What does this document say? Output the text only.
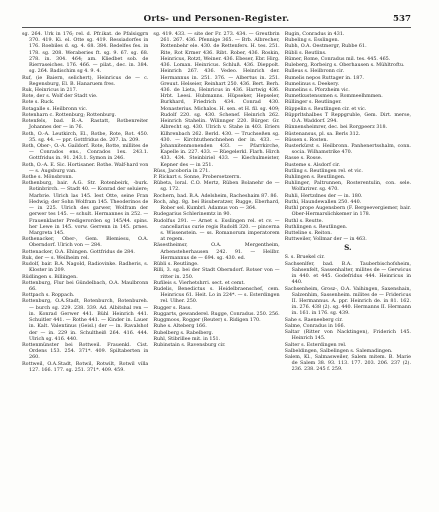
Orts- und Personen-Register.	537
sg. 264. Urk in 176; rel. d. Pfr.ikat. de Pfalsiqgrn 370. 419. Ki. el. Otte sg. 419. Ressiadorfes in 176. Roebiles d. sg. 4. 68. 384. Redelfes fes. in 178. sg. 208. Weraberies ft. sg. 9. 67. sg. 68. 278. in. 304. 464; am. Kliedbet sob. de Rierraseiches. 176. 466. — pilat., dec. in. 384. sg. 264. Badischim sg 4. 9. 4.
Ruf, (ie Baiern, selichert), Heinricus de — c. Regensburg, El. B. Hanaruem fres.
Ruk, Heinricus in 217.
Rote, der s. Wolf der Stadt vie.
Rote s. Ruck.
Rotagalle s. Heilbronn vic.
Rotenharn c. Rottenburg; Rottenburg.
Rotenfels, bad. B.-A. Rastatt, Rotbenreiter Johannes der — in 76.
Roth, O.-A. Leutkirch, El., Rotbe, Rote, Rot. 450. 35. sg. 44. — ppr. Gottfridus de. 207. la. 209.
Roth, Ober-, O.-A. Gaildorf. Rote, Rotte, millites de — Conrados ens., Conrados 1ex. 243.1. Gottfridus in. 91. 243.1. Symon in 246.
Roth, O.-A. E. Sic. Hortisaner. Rothe. Walf-hard von — s. Augsburg van.
Rothe s. Mönsbronn.
Rothenburg, bair. A.G. Str. Rotenbeirk, -burk. Rotinbrirch. — Stadt 40. — Konrad der seluiere; Marbrie. Ulrich las 145. Iest Otte, seine Fran Hedwig; der Sohn Wolfram 145. Theoderinos de — in 225. Ulrich des garwer, Wolfram der gerwer tes 145. — schult. Hermannes in 252. — Frauenklaster Predigerorden sg 145/44. spins. her Lewe in 145. vorw. Gerrenn in 145. prnes. Margreta 145.
Rothenacker, Ober-, Gem. Blemiesu, O.A. Oberndorf. Ulrich von — 284.
Rottenacker, O.A. Ehingen. Gottfridus de 284.
Ruk, der — s. Weilheim rel.
Rudolf, bair. B.A. Nagold, Radiovinke. Radheris, s. Kloster in 209.
Rüdlingen s. Billingen.
Rottenburg, Flur bei Gündelbach, O.A. Maulbronn 66.
Rottpach s. Roppach.
Rottenburg, O.A.Stadt, Rotenburch, Rotenbureh. — burch sg. 229. 238. 339. Ad. Albitshal ren — in. Konrad Gerwer 441. Bühl Heinrich 441. Schuitler 441. — Rothe 441. — Kinder in. Lauer in. Kalt. Valentinus (Geisl.) der — in. Ravalshof der — in. 229 in. Schultheiß 264. 416. 444. Ulrich sg. 416. 440.
Rottenmünster bei Rottweil. Frauenkl. Cist. Ordens 153. 254. 371*. 409. Spiltaberten in 260.
Rottweil, O.A.Stadt, Rotwil, Rotwilt, Rotwil villa 127. 166. 177. sg. 251. 371*. 409. 459.
sg. 419. 433. — site der Fr. 273. 434. — Greutbrin 261. 267. 436. Pfennige 365. — Brb. Albrecher, Rottenbehr ele. 430. de Rettenfers. H. tes. 251. Rite, Rot Krmer 436. Ribt. Rober, 436. Roskin, Heinricus, Rotzt, Weiner. 436. Ebeser, Ebr. Hirg. 436. Loman. Heinricus. Schluß. 436. Dieppolt. Heinrich 267. 436. Vedeo. Heinrich der. Hermannus in. 251. 376. — Albertus in. 251. Greuut. Helseier, Reinhart 250. 436. Bert. Berh. 436. de Lieta, Heinricus in 436. Hartwig 436. Hrbt. Leesi. Hubmanns. Hüpseker, Hepseler, Burkhard, Friedrich 434. Conrad 430. Monasterius. Michalos. H. sen. et H. fil. sg. 409; Rudolf 220. sg. 430. Schenef. Heinrich 262. Heinrich Stahelin. Wilinnger 220. Bürger. Gr. Albrecht sg. 430. Ulrich v. Stahe in 403. Eriers Kilhrenbach 262. Berld. 430. — Truchseßen sg. 430. — Kirchtuthenchnehen der in. 433. — Johannitenmonenden 433. — Pfarrkirche, Kapelle in. 227. 433. — Rüegelerkl. Flarh. Hirch 433. 434. Steinbiriel 433. — Kiechulmeister, Kepner des — in 251.
Rüss, Jacoboria in 271.
P. Rickart s. Sonne, Probersetzerrn.
Rübeta, loral. C.O. Mertz, Rüben Bolanehr de — sg. 172.
Rochern, bad. B.A. Adelsheim, Racheshaim 87. 86.
Roch, ahg. 8g. bei Bisuberatzer, Rugge, Eberhard, Rober sel. Kumbrl. Adamus von — 364.
Rudegarius Schlerinemtz in 90.
Rudolfus 291. — Arnet s. Esslingen rel. et cv. — cancellarius curie regis Rudolfi 320. — pincerna s. Wissenstein. — ss. Romanorum imperatorem at regem.
Räsestheimsr, O.A. Mergentheim, Arbensteherhausen 242. 91. — Heilbr. Hermannus de — 694. sg. 430. ed.
Rübli s. Reutlinge.
Rilli, 3. sg. bei der Stadt Oberndorf. Rotser von — ritter in. 250.
Rufileis s. Vierhetshrri. sect. et cemt.
Rudelis, Benedictus s. Heidelbraenschef, cem. Heinricus 61. Heit. Lo in 224*. — s. Esterdingen rel. Ulher. 250.
Rugger s. Rass.
Ruggarts, gewanderel. Rugge, Conradus. 250. 256.
Ruggmoos, Rogger (Reuter) s. Ridigen 170.
Ruhe s. Alteberg 166.
Rubelberg s. Rabelberg.
Ruhl, Stibrillee mit. in 151.
Rubinstain s. Ravensburg cir.
Rugin, Conradus in 431.
Rubeling s. Esslingen.
Rubh, O.A. Oestmergr, Rubbe 61.
Rübli s. Reutlins.
Rümer, Rome, Conradus mil. tes. 445. 465.
Ruleberg, Rorbeirg s. Oberhausen s. Mühltroftu.
Rulleus s. Heilbronn cir.
Rumelis nepos Ruttager in. 187.
Rumelinus s. Deekery.
Rumelins s. Pforzheim vic.
Rumetkustenssmen s. Rommeelhmmen.
Rüllinger s. Reutlinger.
Rüppelin s. Reutlingen cir. et vic.
Rüpprltshalbes T Reppgruble, Gem. Dirt. merse, O.A. Waddorf. 294.
Rünnensheimrer, dec. bei Rorgpeerz 318.
Rüstenansus, pl. sa. Berls 312.
Rüssen s. Rosten.
Rusterkürst s. Heilbronn. Panhenertsshalm, conn. socia. Wilhamstrike 470.
Rasse s. Rosse.
Rusteme s. Alsdorf cir.
Rutling s. Reutlingen rel. et vic.
Ruhlingen s. Reutlingen.
Ruhlinger, Paltrunnen, Rosterentulin, con. sele. Wolfarirer. sg. 470.
Ruhli, Hertzdnes der — in. 180.
Ruthi, Haundewallen 250. 440.
Ruthl prope Augensbern (F. Bergeevergiemer, bair. Ober-Hermarslichkemer in 178.
Ruthl s. Reutte.
Ruthlingen s. Reutlingen.
Rutteline s. Reiton.
Ruttweiler, Vollmar der — in 463.
S.
S. s. Bruekel cir.
Sachsenlfer, bad. B.A. Tauberbischofsheim, Sahsenfelt, Sassenhalter, milites de — Gerwicus in 440. et 445. Godefridus 444. Heinricus in 440.
Sachsenheim, Grosz-, O.A. Vaihingen, Saxenshain, Salzenhim, Sassenheim. milites de — Fridericus II. Hermannus. A. ppr. Heinrich de. in 81. 162. in. 276. 438 (2). sg. 440. Hermanns II. Hermann in. 161. in 176. sg. 439.
Sahe s. Raeneeberg cir.
Salme, Conradus in 166.
Saltar (Ritter von Nacktingen), Friderich 145. Heinrich 145.
Salter s. Esterdingen rel.
Salbeldingen, Salbelingen s. Salemadingen.
Salem, Kl., Salmasweiler, Salem mitem. B. Marie de Salem 38. 93. 113. 177. 203. 206. 237 (2). 236. 238. 245 f. 259.
